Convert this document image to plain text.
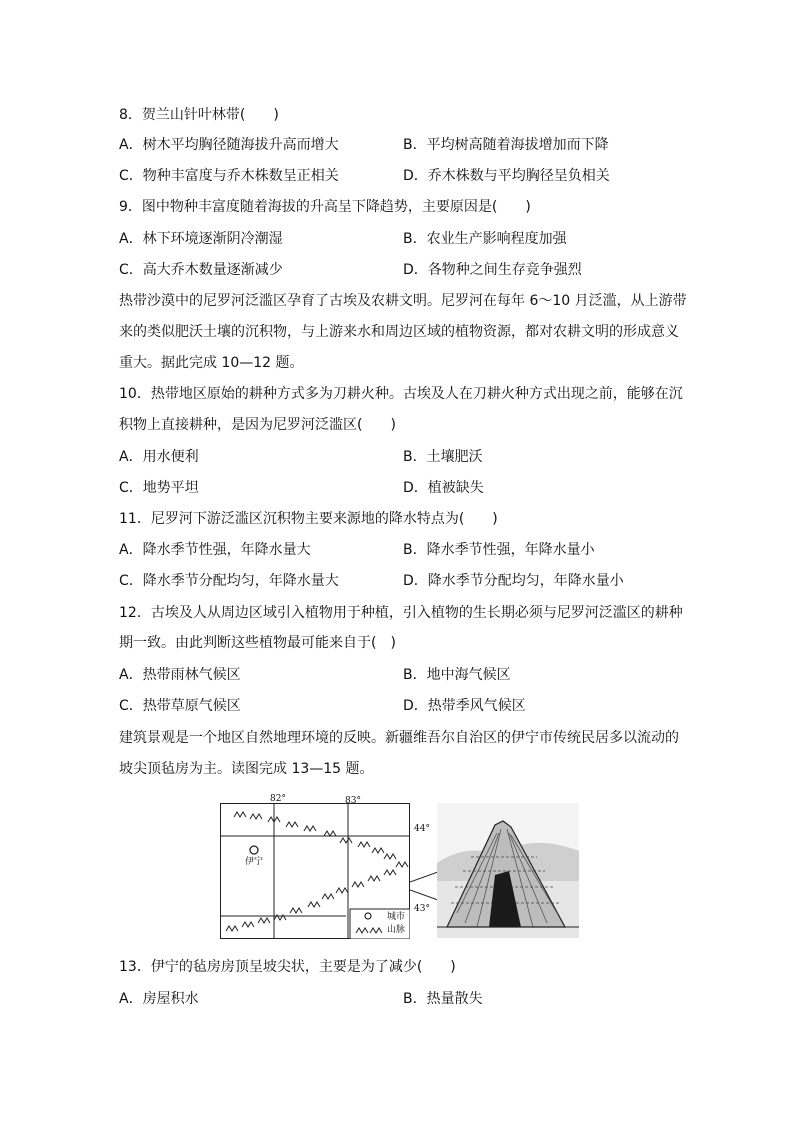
8．贺兰山针叶林带(　　)
A．树木平均胸径随海拔升高而增大	B．平均树高随着海拔增加而下降
C．物种丰富度与乔木株数呈正相关	D．乔木株数与平均胸径呈负相关
9．图中物种丰富度随着海拔的升高呈下降趋势，主要原因是(　　)
A．林下环境逐渐阴冷潮湿	B．农业生产影响程度加强
C．高大乔木数量逐渐减少	D．各物种之间生存竞争强烈
热带沙漠中的尼罗河泛滥区孕育了古埃及农耕文明。尼罗河在每年 6～10 月泛滥，从上游带
来的类似肥沃土壤的沉积物，与上游来水和周边区域的植物资源，都对农耕文明的形成意义
重大。据此完成 10—12 题。
10．热带地区原始的耕种方式多为刀耕火种。古埃及人在刀耕火种方式出现之前，能够在沉
积物上直接耕种，是因为尼罗河泛滥区(　　)
A．用水便利	B．土壤肥沃
C．地势平坦	D．植被缺失
11．尼罗河下游泛滥区沉积物主要来源地的降水特点为(　　)
A．降水季节性强，年降水量大	B．降水季节性强，年降水量小
C．降水季节分配均匀，年降水量大	D．降水季节分配均匀，年降水量小
12．古埃及人从周边区域引入植物用于种植，引入植物的生长期必须与尼罗河泛滥区的耕种
期一致。由此判断这些植物最可能来自于(　)
A．热带雨林气候区	B．地中海气候区
C．热带草原气候区	D．热带季风气候区
建筑景观是一个地区自然地理环境的反映。新疆维吾尔自治区的伊宁市传统民居多以流动的
坡尖顶毡房为主。读图完成 13—15 题。
82°	83°
44°
43°
伊宁
城市
山脉
13．伊宁的毡房房顶呈坡尖状，主要是为了减少(　　)
A．房屋积水	B．热量散失
